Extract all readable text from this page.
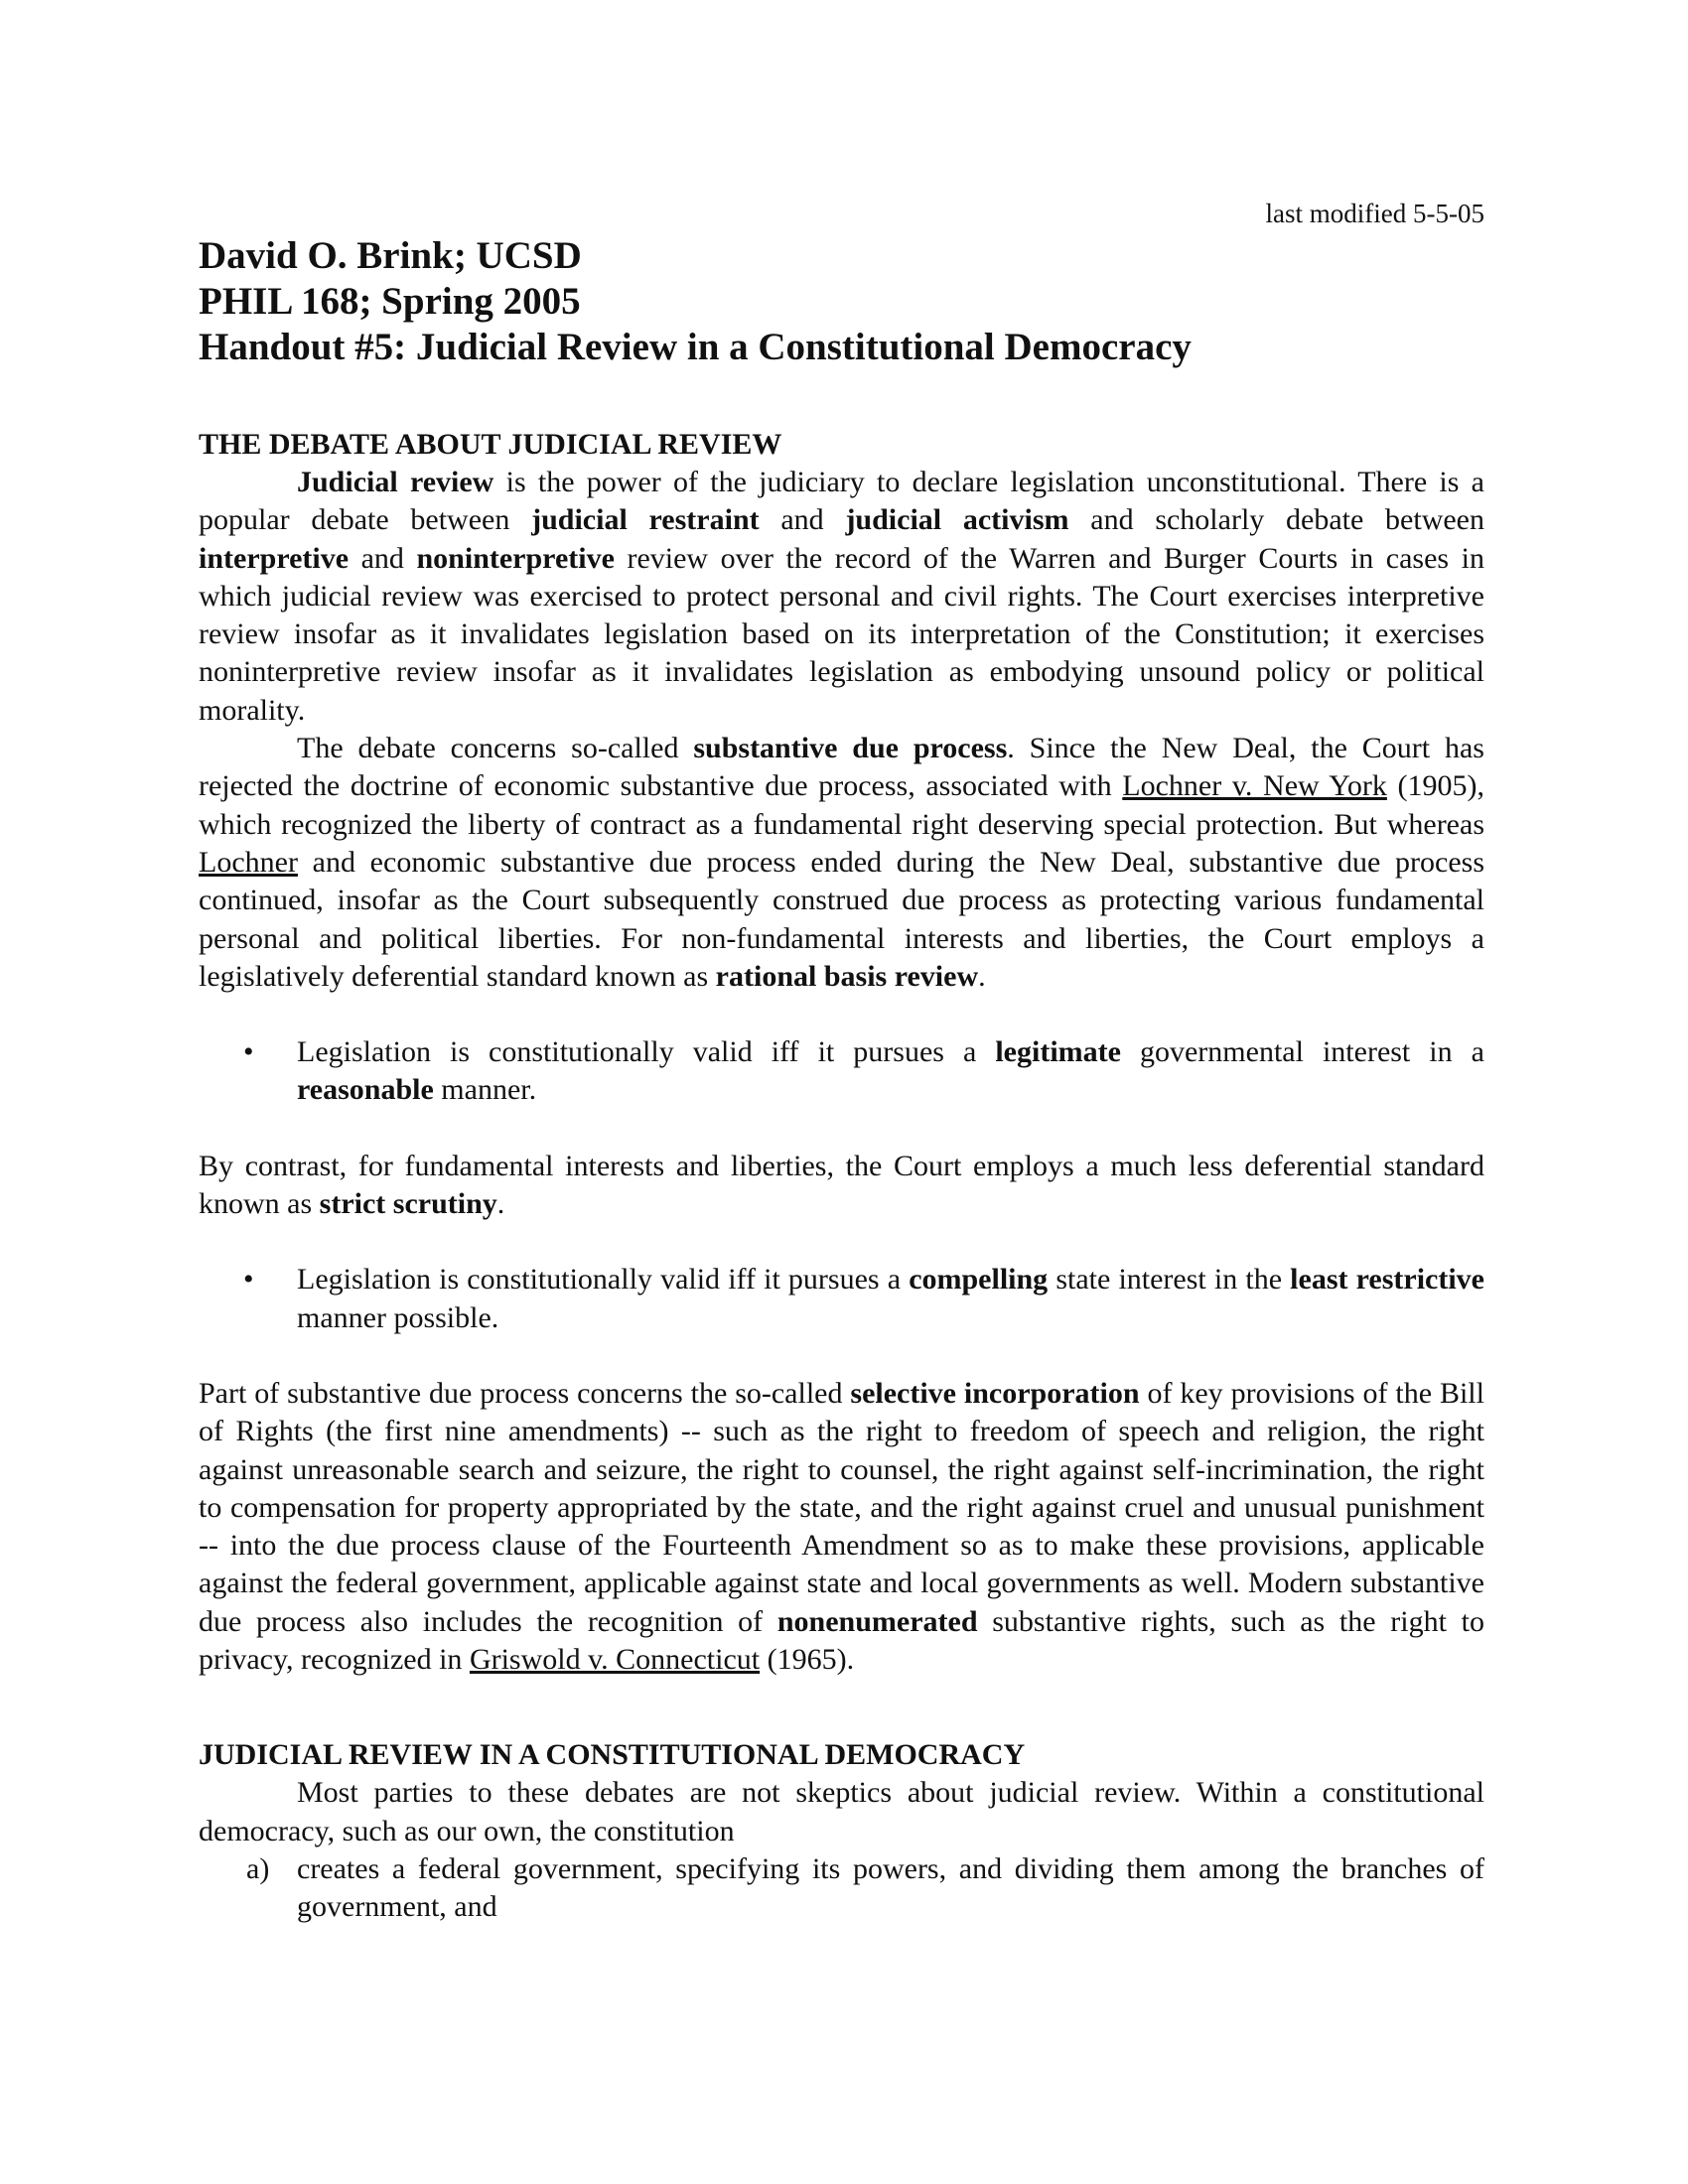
last modified 5-5-05

David O. Brink; UCSD

PHIL 168; Spring 2005

Handout #5: Judicial Review in a Constitutional Democracy

THE DEBATE ABOUT JUDICIAL REVIEW

Judicial review is the power of the judiciary to declare legislation unconstitutional. There is a popular debate between judicial restraint and judicial activism and scholarly debate between interpretive and noninterpretive review over the record of the Warren and Burger Courts in cases in which judicial review was exercised to protect personal and civil rights. The Court exercises interpretive review insofar as it invalidates legislation based on its interpretation of the Constitution; it exercises noninterpretive review insofar as it invalidates legislation as embodying unsound policy or political morality.

The debate concerns so-called substantive due process. Since the New Deal, the Court has rejected the doctrine of economic substantive due process, associated with Lochner v. New York (1905), which recognized the liberty of contract as a fundamental right deserving special protection. But whereas Lochner and economic substantive due process ended during the New Deal, substantive due process continued, insofar as the Court subsequently construed due process as protecting various fundamental personal and political liberties. For non-fundamental interests and liberties, the Court employs a legislatively deferential standard known as rational basis review.

•	Legislation is constitutionally valid iff it pursues a legitimate governmental interest in a reasonable manner.

By contrast, for fundamental interests and liberties, the Court employs a much less deferential standard known as strict scrutiny.

•	Legislation is constitutionally valid iff it pursues a compelling state interest in the least restrictive manner possible.

Part of substantive due process concerns the so-called selective incorporation of key provisions of the Bill of Rights (the first nine amendments) -- such as the right to freedom of speech and religion, the right against unreasonable search and seizure, the right to counsel, the right against self-incrimination, the right to compensation for property appropriated by the state, and the right against cruel and unusual punishment -- into the due process clause of the Fourteenth Amendment so as to make these provisions, applicable against the federal government, applicable against state and local governments as well. Modern substantive due process also includes the recognition of nonenumerated substantive rights, such as the right to privacy, recognized in Griswold v. Connecticut (1965).

JUDICIAL REVIEW IN A CONSTITUTIONAL DEMOCRACY

Most parties to these debates are not skeptics about judicial review. Within a constitutional democracy, such as our own, the constitution

a) creates a federal government, specifying its powers, and dividing them among the branches of government, and
